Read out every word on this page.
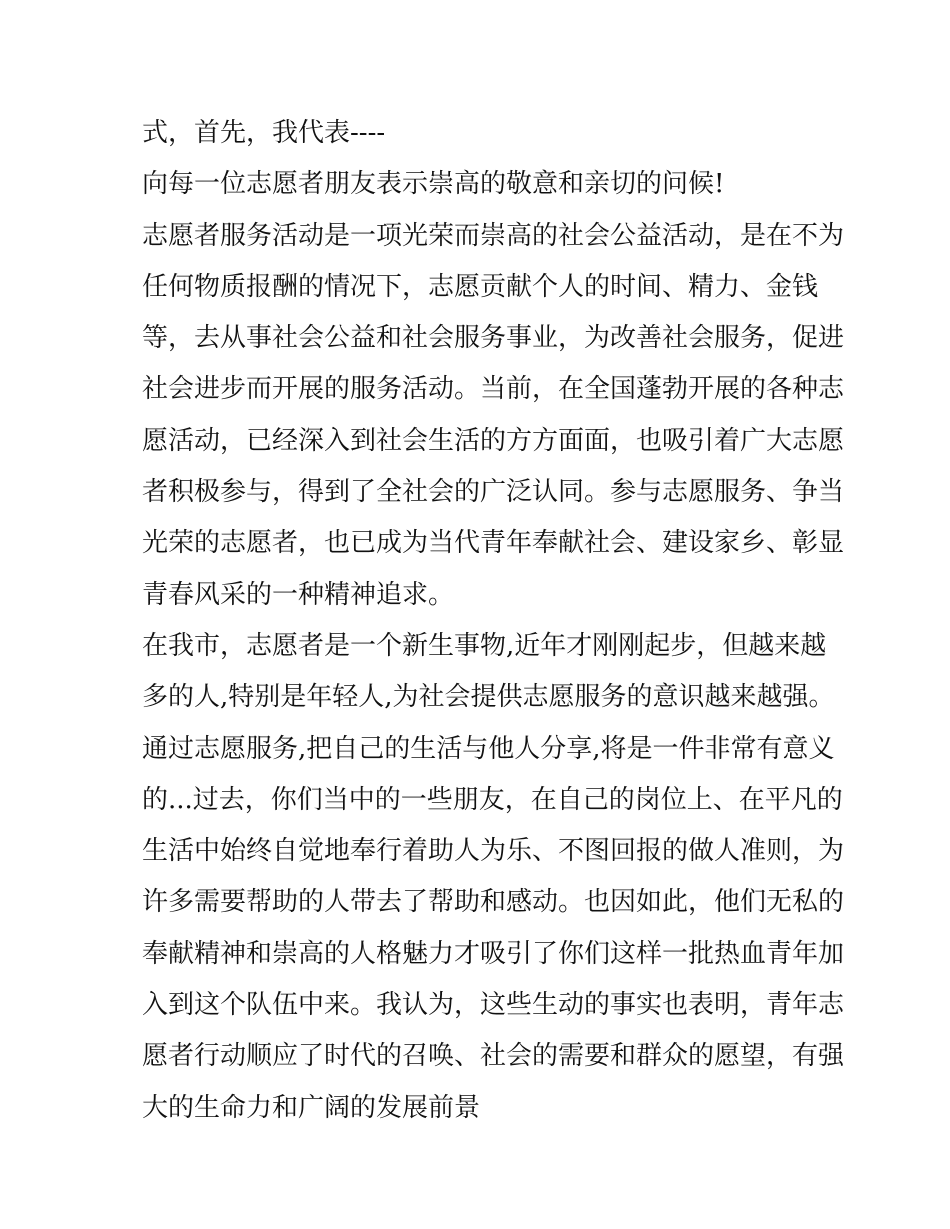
式，首先，我代表----
向每一位志愿者朋友表示崇高的敬意和亲切的问候!
志愿者服务活动是一项光荣而崇高的社会公益活动，是在不为
任何物质报酬的情况下，志愿贡献个人的时间、精力、金钱
等，去从事社会公益和社会服务事业，为改善社会服务，促进
社会进步而开展的服务活动。当前，在全国蓬勃开展的各种志
愿活动，已经深入到社会生活的方方面面，也吸引着广大志愿
者积极参与，得到了全社会的广泛认同。参与志愿服务、争当
光荣的志愿者，也已成为当代青年奉献社会、建设家乡、彰显
青春风采的一种精神追求。
在我市，志愿者是一个新生事物,近年才刚刚起步，但越来越
多的人,特别是年轻人,为社会提供志愿服务的意识越来越强。
通过志愿服务,把自己的生活与他人分享,将是一件非常有意义
的...过去，你们当中的一些朋友，在自己的岗位上、在平凡的
生活中始终自觉地奉行着助人为乐、不图回报的做人准则，为
许多需要帮助的人带去了帮助和感动。也因如此，他们无私的
奉献精神和崇高的人格魅力才吸引了你们这样一批热血青年加
入到这个队伍中来。我认为，这些生动的事实也表明，青年志
愿者行动顺应了时代的召唤、社会的需要和群众的愿望，有强
大的生命力和广阔的发展前景
